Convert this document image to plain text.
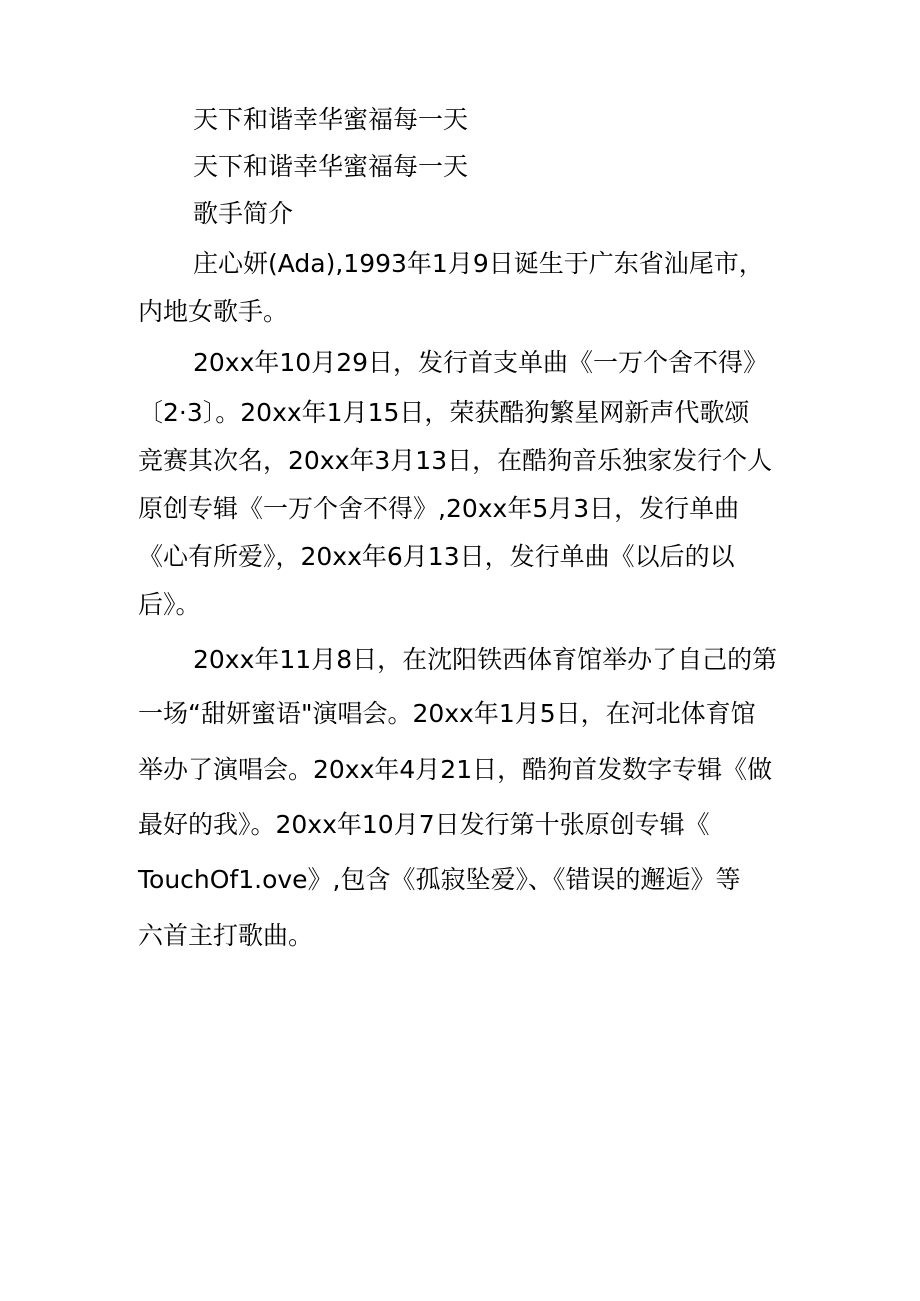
天下和谐幸华蜜福每一天
天下和谐幸华蜜福每一天
歌手简介
庄心妍(Ada),1993年1月9日诞生于广东省汕尾市，
内地女歌手。
20xx年10月29日，发行首支单曲《一万个舍不得》
〔2·3〕。20xx年1月15日，荣获酷狗繁星网新声代歌颂
竞赛其次名，20xx年3月13日，在酷狗音乐独家发行个人
原创专辑《一万个舍不得》,20xx年5月3日，发行单曲
《心有所爱》，20xx年6月13日，发行单曲《以后的以
后》。
20xx年11月8日，在沈阳铁西体育馆举办了自己的第
一场“甜妍蜜语"演唱会。20xx年1月5日，在河北体育馆
举办了演唱会。20xx年4月21日，酷狗首发数字专辑《做
最好的我》。20xx年10月7日发行第十张原创专辑《
TouchOf1.ove》,包含《孤寂坠爱》、《错误的邂逅》等
六首主打歌曲。
